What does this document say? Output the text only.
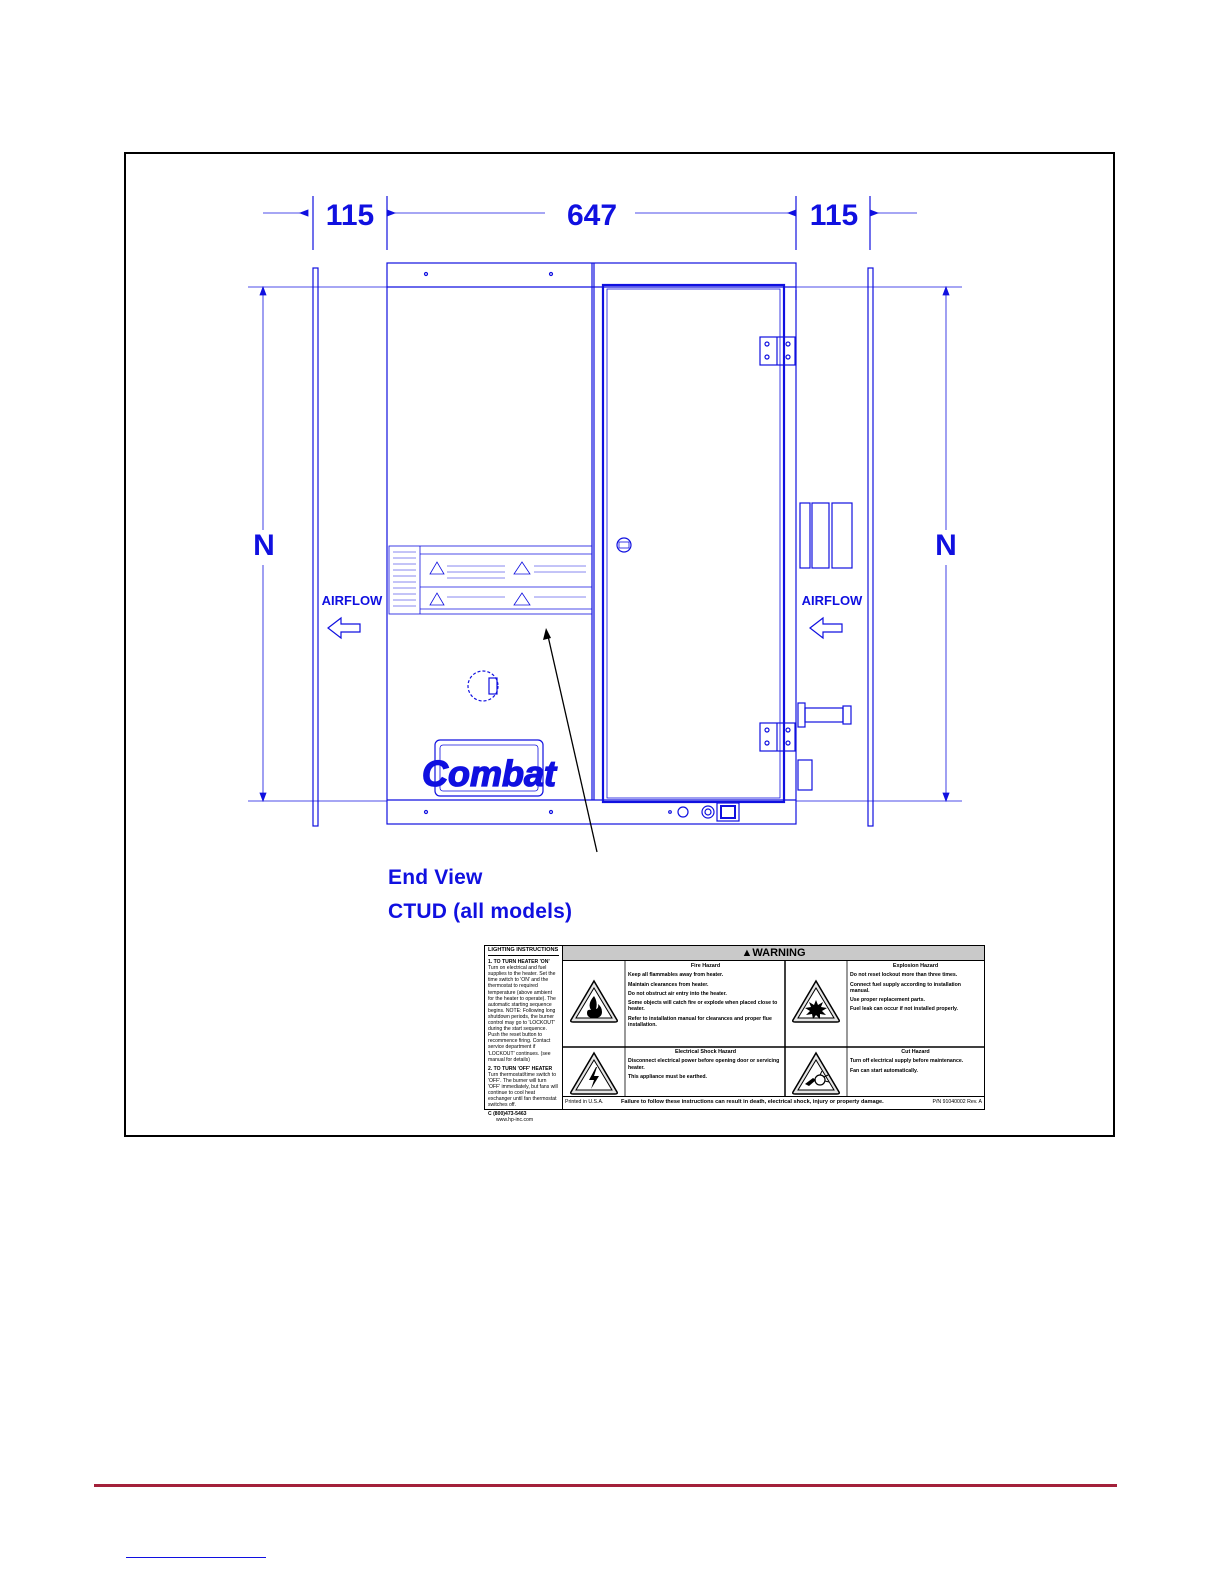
115	647	115
N	N
AIRFLOW	AIRFLOW
Combat
End View
CTUD (all models)
LIGHTING INSTRUCTIONS
1. TO TURN HEATER 'ON'

Turn on electrical and fuel supplies to the heater. Set the time switch to 'ON' and the thermostat to required temperature (above ambient for the heater to operate). The automatic starting sequence begins. NOTE: Following long shutdown periods, the burner control may go to 'LOCKOUT' during the start sequence. Push the reset button to recommence firing. Contact service department if 'LOCKOUT' continues. (see manual for details)

2. TO TURN 'OFF' HEATER

Turn thermostat/time switch to 'OFF'. The burner will turn 'OFF' immediately, but fans will continue to cool heat exchanger until fan thermostat switches off.

C (800)473-5463
www.hp-inc.com
▲WARNING
Fire Hazard
Keep all flammables away from heater.
Maintain clearances from heater.
Do not obstruct air entry into the heater.
Some objects will catch fire or explode when placed close to heater.
Refer to installation manual for clearances and proper flue installation.
Explosion Hazard
Do not reset lockout more than three times.
Connect fuel supply according to installation manual.
Use proper replacement parts.
Fuel leak can occur if not installed properly.
Electrical Shock Hazard
Disconnect electrical power before opening door or servicing heater.
This appliance must be earthed.
Cut Hazard
Turn off electrical supply before maintenance.
Fan can start automatically.
Printed in U.S.A.	Failure to follow these instructions can result in death, electrical shock, injury or property damage.	P/N 91040002 Rev. A
